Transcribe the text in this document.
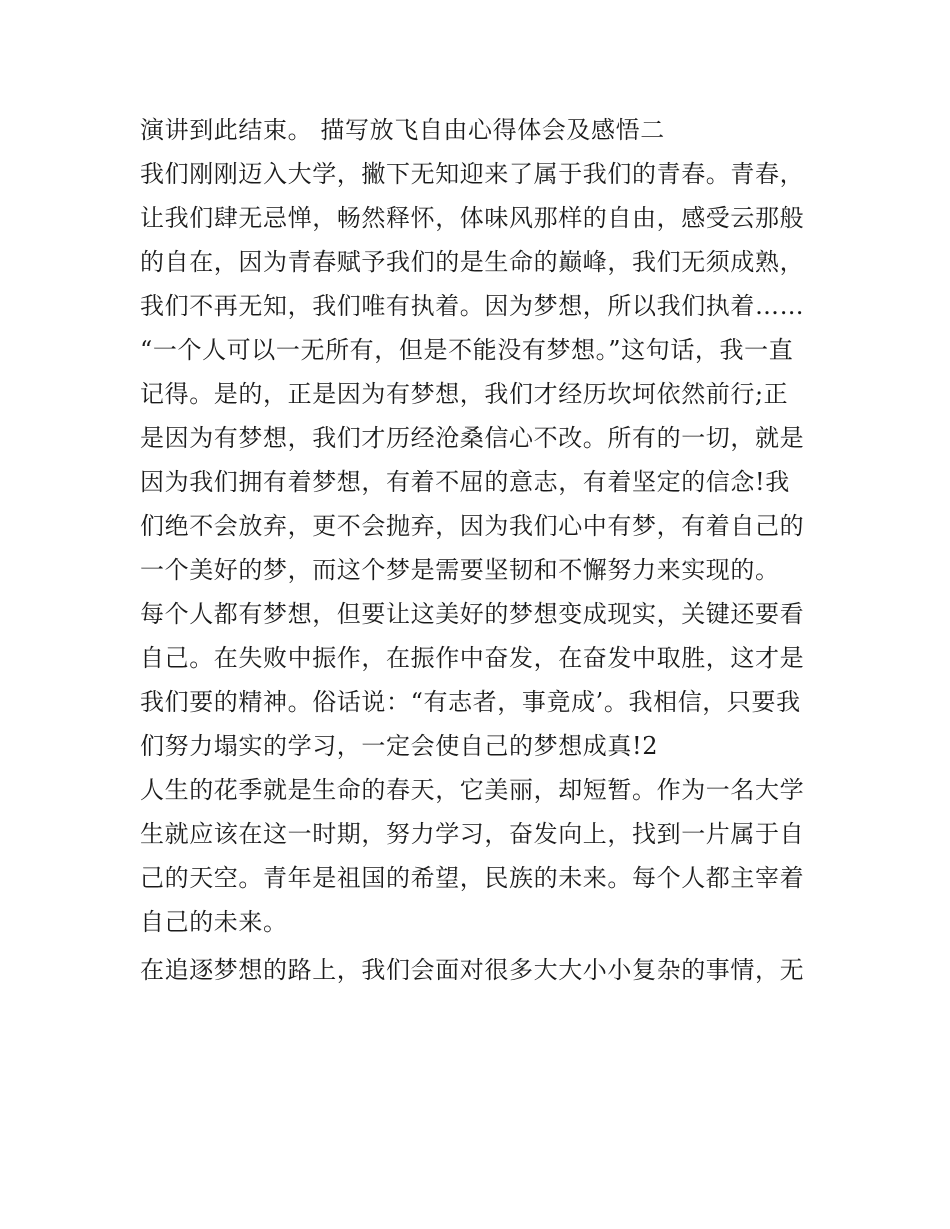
演讲到此结束。 描写放飞自由心得体会及感悟二
我们刚刚迈入大学，撇下无知迎来了属于我们的青春。青春，
让我们肆无忌惮，畅然释怀，体味风那样的自由，感受云那般
的自在，因为青春赋予我们的是生命的巅峰，我们无须成熟，
我们不再无知，我们唯有执着。因为梦想，所以我们执着……
“一个人可以一无所有，但是不能没有梦想。”这句话，我一直
记得。是的，正是因为有梦想，我们才经历坎坷依然前行;正
是因为有梦想，我们才历经沧桑信心不改。所有的一切，就是
因为我们拥有着梦想，有着不屈的意志，有着坚定的信念!我
们绝不会放弃，更不会抛弃，因为我们心中有梦，有着自己的
一个美好的梦，而这个梦是需要坚韧和不懈努力来实现的。
每个人都有梦想，但要让这美好的梦想变成现实，关键还要看
自己。在失败中振作，在振作中奋发，在奋发中取胜，这才是
我们要的精神。俗话说：“有志者，事竟成’。我相信，只要我
们努力塌实的学习，一定会使自己的梦想成真!2
人生的花季就是生命的春天，它美丽，却短暂。作为一名大学
生就应该在这一时期，努力学习，奋发向上，找到一片属于自
己的天空。青年是祖国的希望，民族的未来。每个人都主宰着
自己的未来。
在追逐梦想的路上，我们会面对很多大大小小复杂的事情，无
